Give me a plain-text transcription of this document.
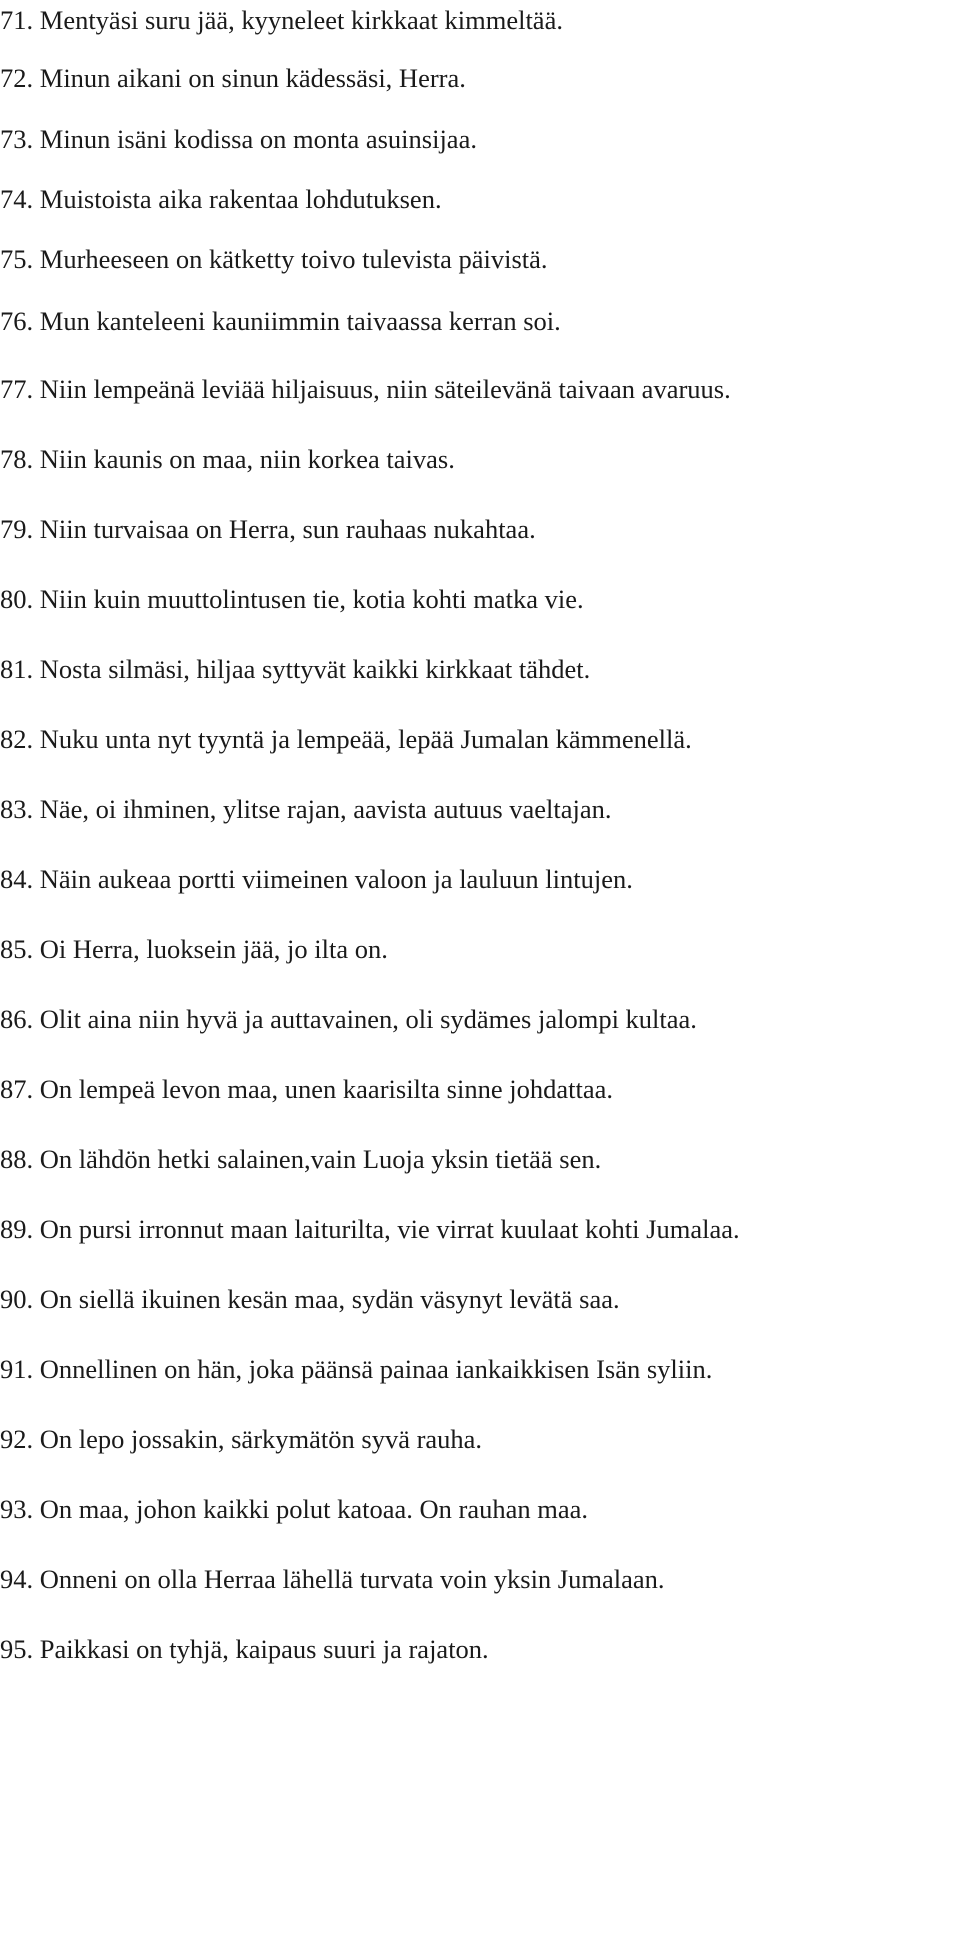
71. Mentyäsi suru jää, kyyneleet kirkkaat kimmeltää.
72. Minun aikani on sinun kädessäsi, Herra.
73. Minun isäni kodissa on monta asuinsijaa.
74. Muistoista aika rakentaa lohdutuksen.
75. Murheeseen on kätketty toivo tulevista päivistä.
76. Mun kanteleeni kauniimmin taivaassa kerran soi.
77. Niin lempeänä leviää hiljaisuus, niin säteilevänä taivaan avaruus.
78. Niin kaunis on maa, niin korkea taivas.
79. Niin turvaisaa on Herra, sun rauhaas nukahtaa.
80. Niin kuin muuttolintusen tie, kotia kohti matka vie.
81. Nosta silmäsi, hiljaa syttyvät kaikki kirkkaat tähdet.
82. Nuku unta nyt tyyntä ja lempeää, lepää Jumalan kämmenellä.
83. Näe, oi ihminen, ylitse rajan, aavista autuus vaeltajan.
84. Näin aukeaa portti viimeinen valoon ja lauluun lintujen.
85. Oi Herra, luoksein jää, jo ilta on.
86. Olit aina niin hyvä ja auttavainen, oli sydämes jalompi kultaa.
87. On lempeä levon maa, unen kaarisilta sinne johdattaa.
88. On lähdön hetki salainen,vain Luoja yksin tietää sen.
89. On pursi irronnut maan laiturilta, vie virrat kuulaat kohti Jumalaa.
90. On siellä ikuinen kesän maa, sydän väsynyt levätä saa.
91. Onnellinen on hän, joka päänsä painaa iankaikkisen Isän syliin.
92. On lepo jossakin, särkymätön syvä rauha.
93. On maa, johon kaikki polut katoaa. On rauhan maa.
94. Onneni on olla Herraa lähellä turvata voin yksin Jumalaan.
95. Paikkasi on tyhjä, kaipaus suuri ja rajaton.
